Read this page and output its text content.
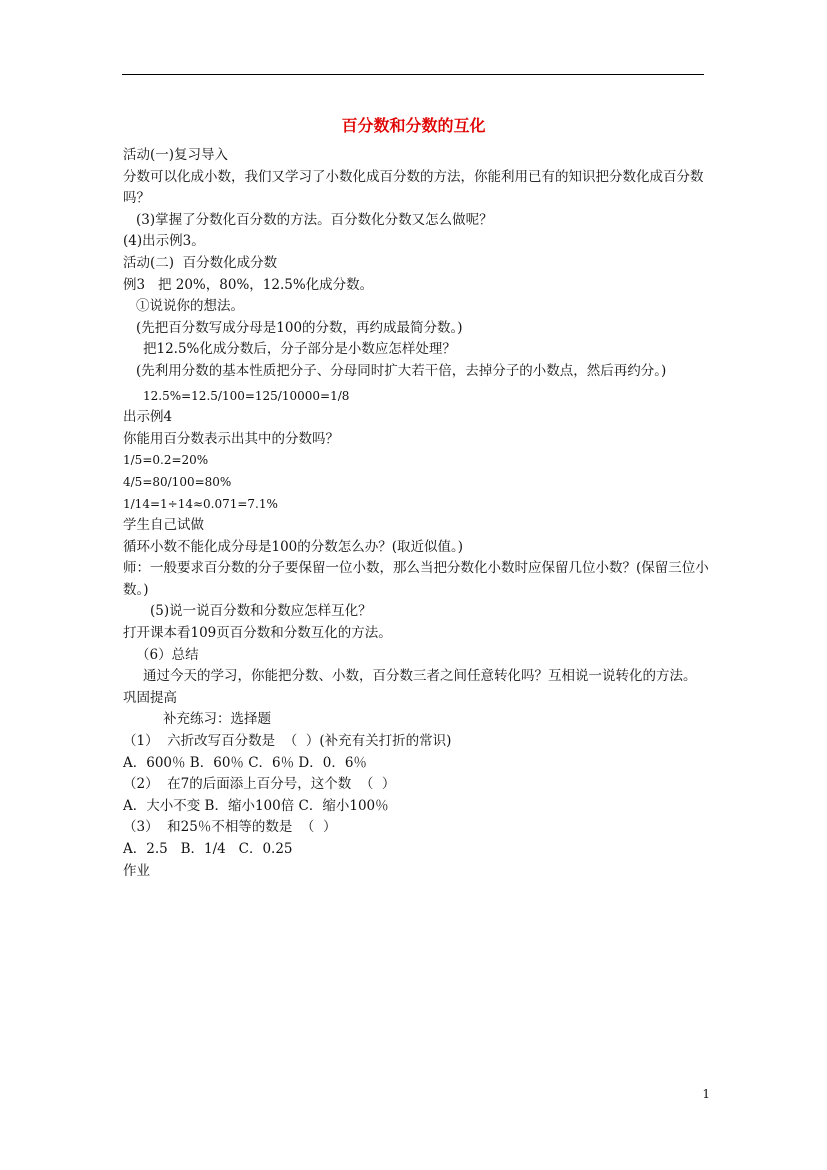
百分数和分数的互化
活动(一)复习导入
分数可以化成小数，我们又学习了小数化成百分数的方法，你能利用已有的知识把分数化成百分数吗？
(3)掌握了分数化百分数的方法。百分数化分数又怎么做呢？
(4)出示例3。
活动(二)  百分数化成分数
例3   把 20%，80%，12.5%化成分数。
①说说你的想法。
(先把百分数写成分母是100的分数，再约成最简分数。)
把12.5%化成分数后，分子部分是小数应怎样处理？
(先利用分数的基本性质把分子、分母同时扩大若干倍，去掉分子的小数点，然后再约分。)
12.5%=12.5/100=125/10000=1/8
出示例4
你能用百分数表示出其中的分数吗？
1/5=0.2=20%
4/5=80/100=80%
1/14=1÷14≈0.071=7.1%
学生自己试做
循环小数不能化成分母是100的分数怎么办？(取近似值。)
师：一般要求百分数的分子要保留一位小数，那么当把分数化小数时应保留几位小数？(保留三位小数。)
(5)说一说百分数和分数应怎样互化？
打开课本看109页百分数和分数互化的方法。
（6）总结
通过今天的学习，你能把分数、小数，百分数三者之间任意转化吗？互相说一说转化的方法。
巩固提高
补充练习：选择题
（1）  六折改写百分数是  （  ）(补充有关打折的常识)
A．600％ B．60％ C．6％ D．0．6％
（2）  在7的后面添上百分号，这个数  （  ）
A．大小不变 B．缩小100倍 C．缩小100％
（3）  和25％不相等的数是  （  ）
A．2.5   B．1/4   C．0.25
作业
1
